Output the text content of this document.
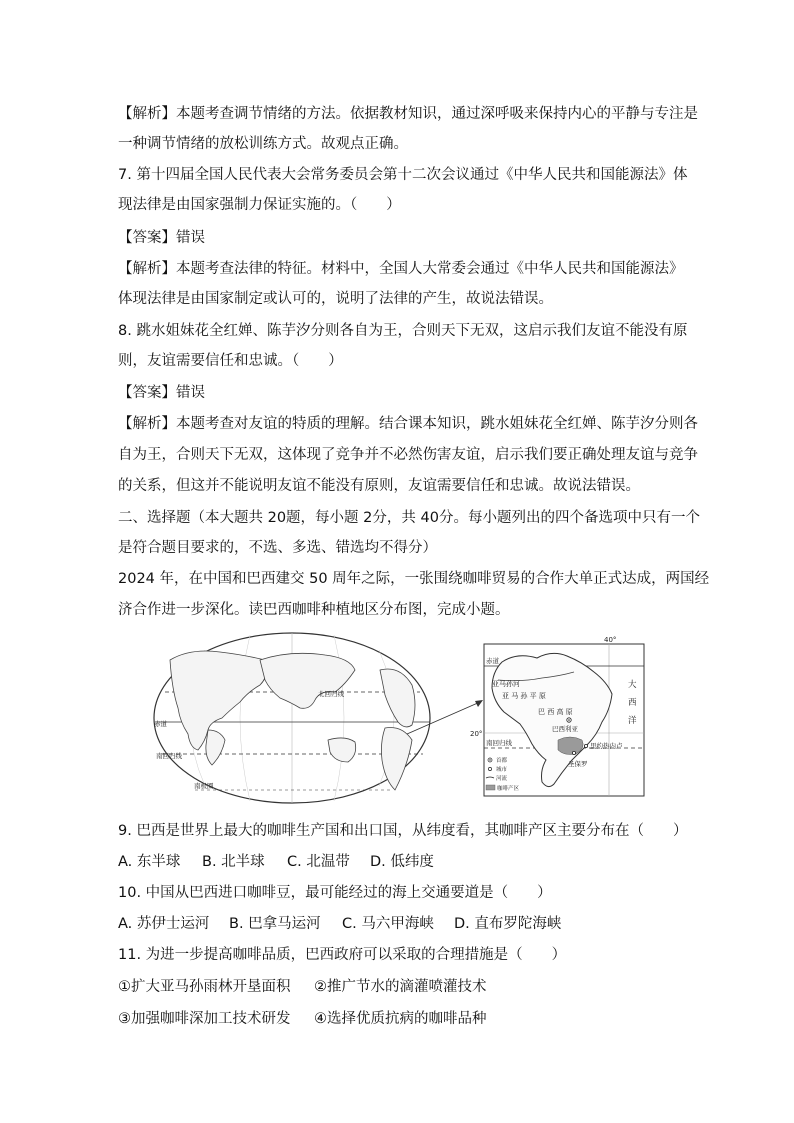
【解析】本题考查调节情绪的方法。依据教材知识，通过深呼吸来保持内心的平静与专注是
一种调节情绪的放松训练方式。故观点正确。
7. 第十四届全国人民代表大会常务委员会第十二次会议通过《中华人民共和国能源法》体
现法律是由国家强制力保证实施的。（　　）
【答案】错误
【解析】本题考查法律的特征。材料中，全国人大常委会通过《中华人民共和国能源法》
体现法律是由国家制定或认可的，说明了法律的产生，故说法错误。
8. 跳水姐妹花全红婵、陈芋汐分则各自为王，合则天下无双，这启示我们友谊不能没有原
则，友谊需要信任和忠诚。（　　）
【答案】错误
【解析】本题考查对友谊的特质的理解。结合课本知识，跳水姐妹花全红婵、陈芋汐分则各
自为王，合则天下无双，这体现了竞争并不必然伤害友谊，启示我们要正确处理友谊与竞争
的关系，但这并不能说明友谊不能没有原则，友谊需要信任和忠诚。故说法错误。
二、选择题（本大题共 20题，每小题 2分，共 40分。每小题列出的四个备选项中只有一个
是符合题目要求的，不选、多选、错选均不得分）
2024 年，在中国和巴西建交 50 周年之际，一张围绕咖啡贸易的合作大单正式达成，两国经
济合作进一步深化。读巴西咖啡种植地区分布图，完成小题。
北回归线
赤道
南回归线
南极圈
40°
20°
赤道
南回归线
亚马孙河
亚 马 孙 平 原
巴 西 高 原
巴西利亚
里约热内卢
圣保罗
大
西
洋
首都
城市
河流
咖啡产区
9. 巴西是世界上最大的咖啡生产国和出口国，从纬度看，其咖啡产区主要分布在（　　）
A. 东半球 B. 北半球 C. 北温带 D. 低纬度
10. 中国从巴西进口咖啡豆，最可能经过的海上交通要道是（　　）
A. 苏伊士运河 B. 巴拿马运河 C. 马六甲海峡 D. 直布罗陀海峡
11. 为进一步提高咖啡品质，巴西政府可以采取的合理措施是（　　）
①扩大亚马孙雨林开垦面积 ②推广节水的滴灌喷灌技术
③加强咖啡深加工技术研发 ④选择优质抗病的咖啡品种
